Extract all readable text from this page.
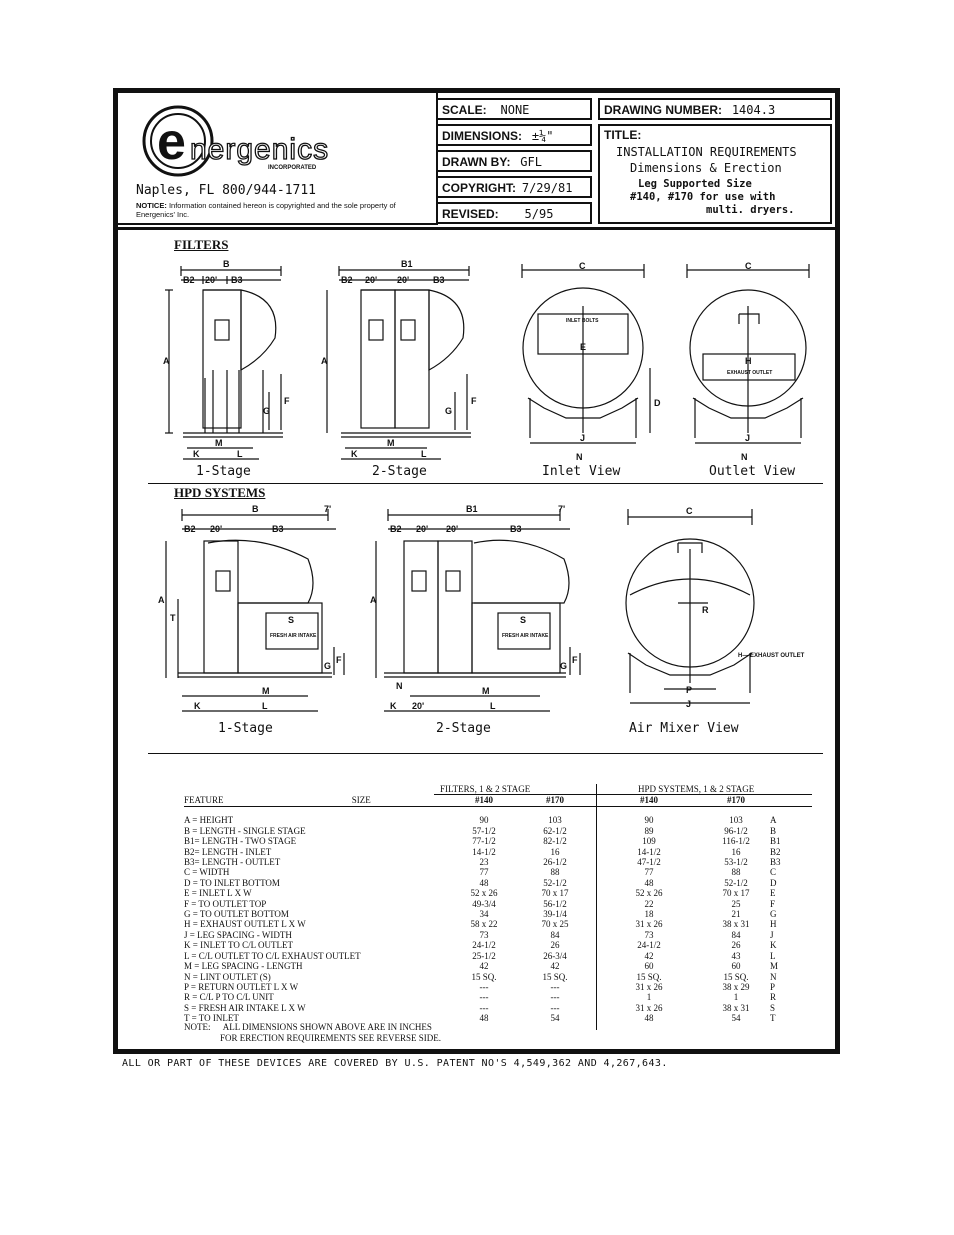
e nergenics
INCORPORATED
Naples, FL 800/944-1711
NOTICE: Information contained hereon is copyrighted and the sole property of Energenics' Inc.
SCALE: NONE
DIMENSIONS: ±¼"
DRAWN BY: GFL
COPYRIGHT: 7/29/81
REVISED: 5/95
DRAWING NUMBER: 1404.3
TITLE:
INSTALLATION REQUIREMENTS
Dimensions & Erection
Leg Supported Size
#140, #170 for use with
multi. dryers.
FILTERS
B
B2 20' B3
A
F
G
M
K	L
1-Stage
B1
B2 20' 20'	B3
A
F
G
M
K	L
2-Stage
C
INLET BOLTS
E
D
J
N
Inlet View
C
H
EXHAUST OUTLET
J
N
Outlet View
HPD SYSTEMS
B
B2 20'	B3
7'
A
T	S
FRESH AIR INTAKE
F
G
M
K	L
1-Stage
B1
B2 20' 20'	B3
7'
A
S
FRESH AIR INTAKE
F
G
N	M
K 20'	L
2-Stage
C
R
H— EXHAUST OUTLET
P
J
Air Mixer View
FILTERS, 1 & 2 STAGE	HPD SYSTEMS, 1 & 2 STAGE
FEATURE SIZE	#140	#170	#140	#170	

A = HEIGHT	90	103	90	103	A
B = LENGTH - SINGLE STAGE	57-1/2	62-1/2	89	96-1/2	B
B1= LENGTH - TWO STAGE	77-1/2	82-1/2	109	116-1/2	B1
B2= LENGTH - INLET	14-1/2	16	14-1/2	16	B2
B3= LENGTH - OUTLET	23	26-1/2	47-1/2	53-1/2	B3
C = WIDTH	77	88	77	88	C
D = TO INLET BOTTOM	48	52-1/2	48	52-1/2	D
E = INLET L X W	52 x 26	70 x 17	52 x 26	70 x 17	E
F = TO OUTLET TOP	49-3/4	56-1/2	22	25	F
G = TO OUTLET BOTTOM	34	39-1/4	18	21	G
H = EXHAUST OUTLET L X W	58 x 22	70 x 25	31 x 26	38 x 31	H
J = LEG SPACING - WIDTH	73	84	73	84	J
K = INLET TO C/L OUTLET	24-1/2	26	24-1/2	26	K
L = C/L OUTLET TO C/L EXHAUST OUTLET	25-1/2	26-3/4	42	43	L
M = LEG SPACING - LENGTH	42	42	60	60	M
N = LINT OUTLET (S)	15 SQ.	15 SQ.	15 SQ.	15 SQ.	N
P = RETURN OUTLET L X W	---	---	31 x 26	38 x 29	P
R = C/L P TO C/L UNIT	---	---	1	1	R
S = FRESH AIR INTAKE L X W	---	---	31 x 26	38 x 31	S
T = TO INLET	48	54	48	54	T
NOTE: ALL DIMENSIONS SHOWN ABOVE ARE IN INCHES
FOR ERECTION REQUIREMENTS SEE REVERSE SIDE.
ALL OR PART OF THESE DEVICES ARE COVERED BY U.S. PATENT NO'S 4,549,362 AND 4,267,643.
